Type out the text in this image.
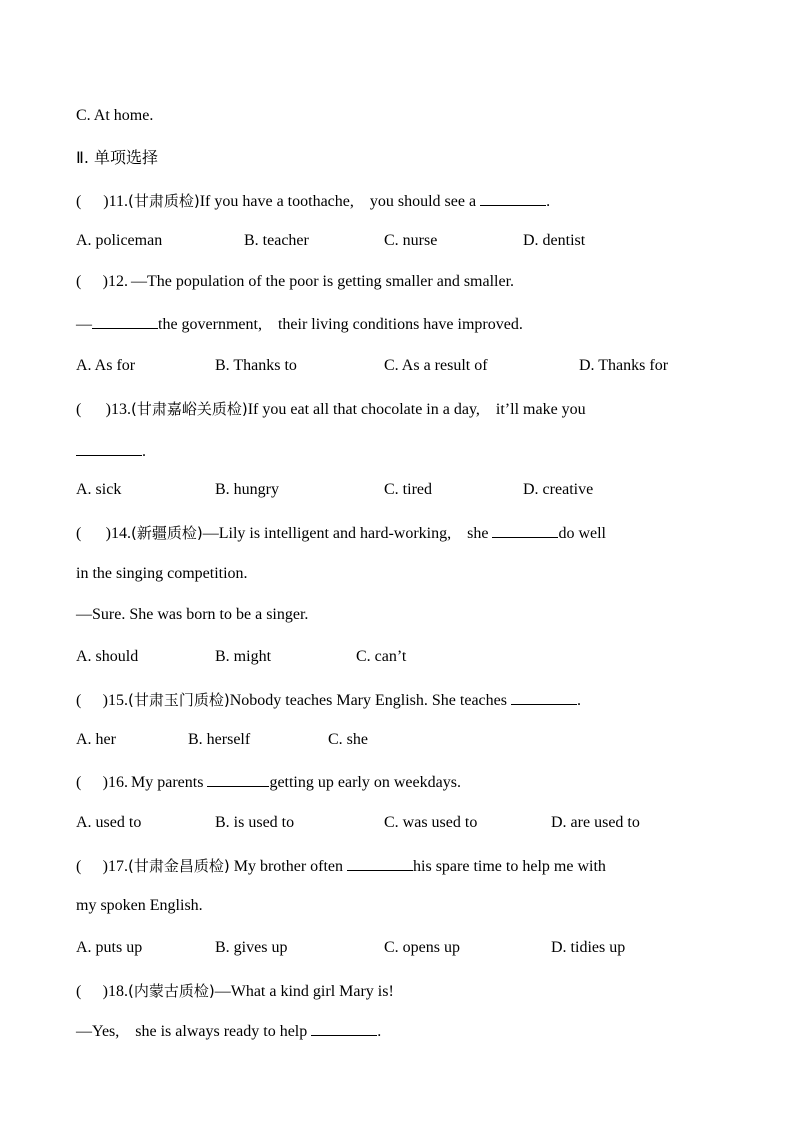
C. At home.
Ⅱ. 单项选择
( )11. (甘肃质检)If you have a toothache,　you should see a	.
A. policeman	B. teacher	C. nurse	D. dentist
( )12. —The population of the poor is getting smaller and smaller.
—	the government,　their living conditions have improved.
A. As for	B. Thanks to	C. As a result of	D. Thanks for
( )13. (甘肃嘉峪关质检)If you eat all that chocolate in a day,　it’ll make you
.
A. sick	B. hungry	C. tired	D. creative
( )14. (新疆质检)—Lily is intelligent and hard-working,　she	do well
in the singing competition.
—Sure. She was born to be a singer.
A. should	B. might	C. can’t
( )15. (甘肃玉门质检)Nobody teaches Mary English. She teaches	.
A. her	B. herself	C. she
( )16. My parents	getting up early on weekdays.
A. used to	B. is used to	C. was used to	D. are used to
( )17. (甘肃金昌质检) My brother often	his spare time to help me with
my spoken English.
A. puts up	B. gives up	C. opens up	D. tidies up
( )18. (内蒙古质检)—What a kind girl Mary is!
—Yes,　she is always ready to help	.
